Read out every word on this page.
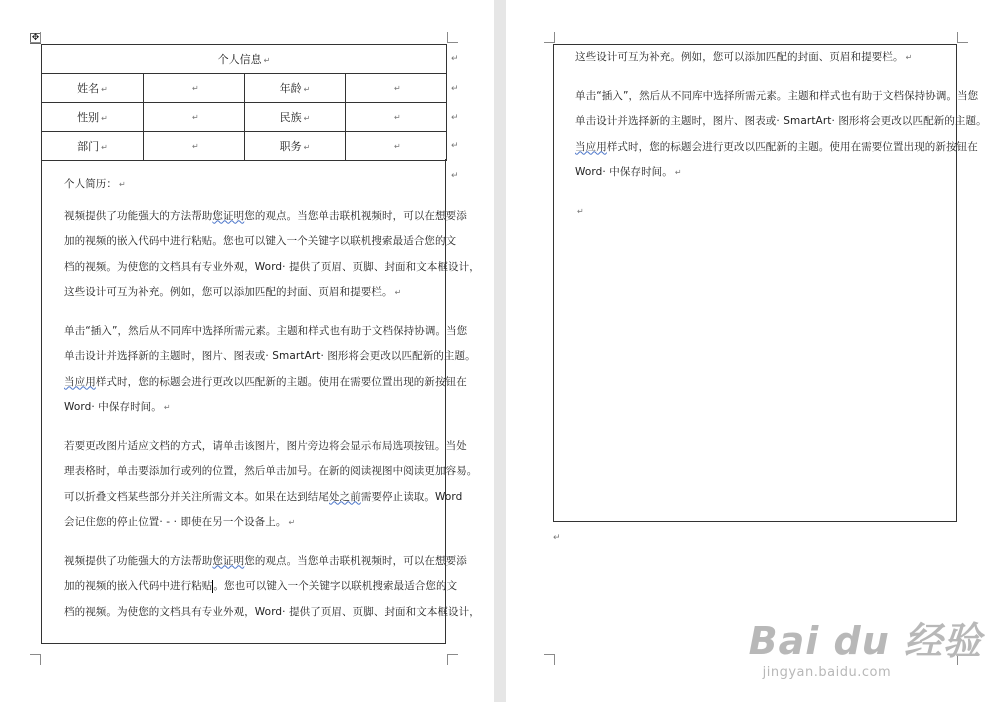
✥
个人信息 ↵			
姓名 ↵	↵	年龄 ↵	↵

性别 ↵	↵	民族 ↵	↵

部门 ↵	↵	职务 ↵	↵
↵
↵
↵
↵
↵
个人简历： ↵
视频提供了功能强大的方法帮助您证明您的观点。当您单击联机视频时，可以在想要添
加的视频的嵌入代码中进行粘贴。您也可以键入一个关键字以联机搜索最适合您的文
档的视频。为使您的文档具有专业外观，Word· 提供了页眉、页脚、封面和文本框设计，
这些设计可互为补充。例如，您可以添加匹配的封面、页眉和提要栏。 ↵
单击“插入”，然后从不同库中选择所需元素。主题和样式也有助于文档保持协调。当您
单击设计并选择新的主题时，图片、图表或· SmartArt· 图形将会更改以匹配新的主题。
当应用样式时，您的标题会进行更改以匹配新的主题。使用在需要位置出现的新按钮在
Word· 中保存时间。 ↵
若要更改图片适应文档的方式，请单击该图片，图片旁边将会显示布局选项按钮。当处
理表格时，单击要添加行或列的位置，然后单击加号。在新的阅读视图中阅读更加容易。
可以折叠文档某些部分并关注所需文本。如果在达到结尾处之前需要停止读取。Word
会记住您的停止位置· - · 即使在另一个设备上。 ↵
视频提供了功能强大的方法帮助您证明您的观点。当您单击联机视频时，可以在想要添
加的视频的嵌入代码中进行粘贴。您也可以键入一个关键字以联机搜索最适合您的文
档的视频。为使您的文档具有专业外观，Word· 提供了页眉、页脚、封面和文本框设计，
↵
这些设计可互为补充。例如，您可以添加匹配的封面、页眉和提要栏。 ↵
单击“插入”，然后从不同库中选择所需元素。主题和样式也有助于文档保持协调。当您
单击设计并选择新的主题时，图片、图表或· SmartArt· 图形将会更改以匹配新的主题。
当应用样式时，您的标题会进行更改以匹配新的主题。使用在需要位置出现的新按钮在
Word· 中保存时间。 ↵
↵
Bai du 经验
jingyan.baidu.com
